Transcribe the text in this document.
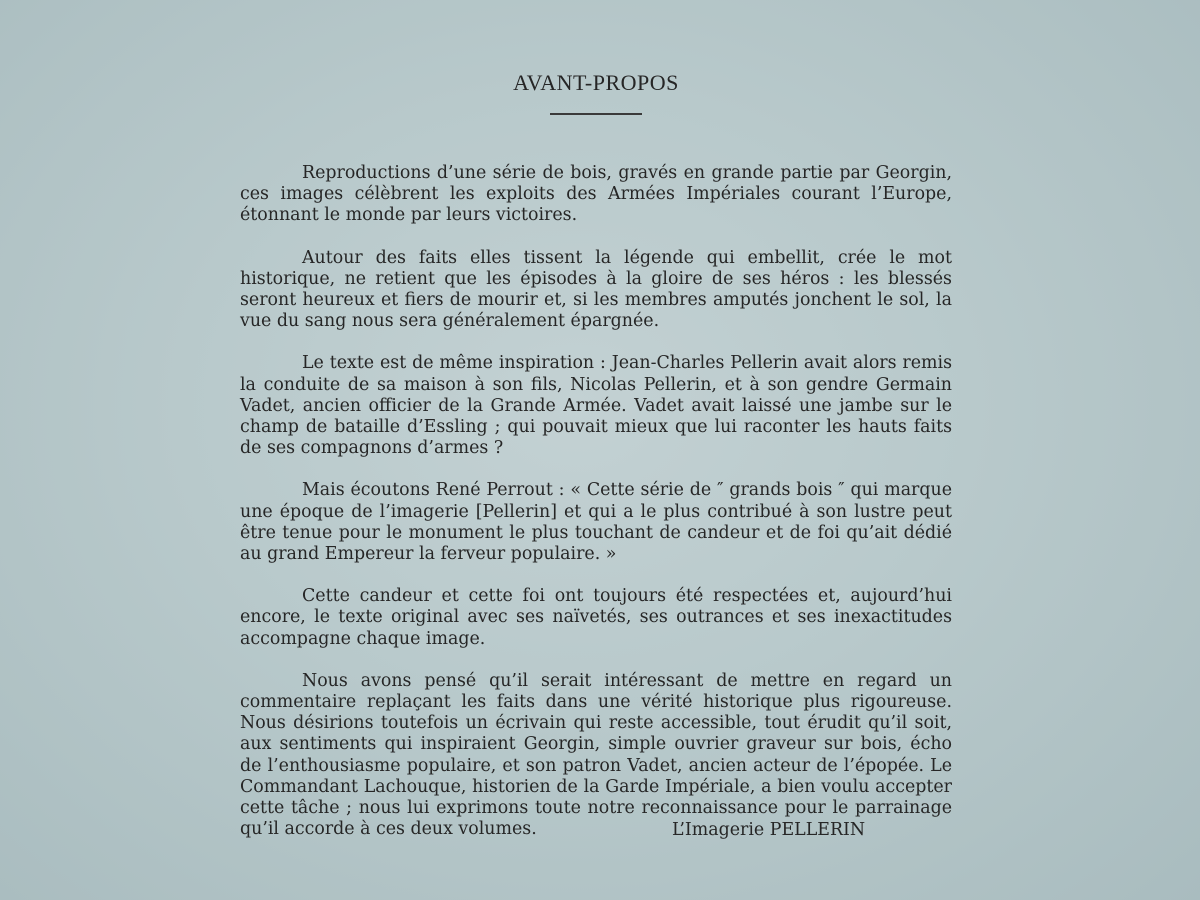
AVANT-PROPOS

Reproductions d’une série de bois, gravés en grande partie par Georgin, ces images célèbrent les exploits des Armées Impériales courant l’Europe, étonnant le monde par leurs victoires.

Autour des faits elles tissent la légende qui embellit, crée le mot historique, ne retient que les épisodes à la gloire de ses héros : les blessés seront heureux et fiers de mourir et, si les membres amputés jonchent le sol, la vue du sang nous sera généralement épargnée.

Le texte est de même inspiration : Jean-Charles Pellerin avait alors remis la conduite de sa maison à son fils, Nicolas Pellerin, et à son gendre Germain Vadet, ancien officier de la Grande Armée. Vadet avait laissé une jambe sur le champ de bataille d’Essling ; qui pouvait mieux que lui raconter les hauts faits de ses compagnons d’armes ?

Mais écoutons René Perrout : « Cette série de ″ grands bois ″ qui marque une époque de l’imagerie [Pellerin] et qui a le plus contribué à son lustre peut être tenue pour le monument le plus touchant de candeur et de foi qu’ait dédié au grand Empereur la ferveur populaire. »

Cette candeur et cette foi ont toujours été respectées et, aujourd’hui encore, le texte original avec ses naïvetés, ses outrances et ses inexactitudes accompagne chaque image.

Nous avons pensé qu’il serait intéressant de mettre en regard un commentaire replaçant les faits dans une vérité historique plus rigoureuse. Nous désirions toutefois un écrivain qui reste accessible, tout érudit qu’il soit, aux sentiments qui inspiraient Georgin, simple ouvrier graveur sur bois, écho de l’enthousiasme populaire, et son patron Vadet, ancien acteur de l’épopée. Le Commandant Lachouque, historien de la Garde Impériale, a bien voulu accepter cette tâche ; nous lui exprimons toute notre reconnaissance pour le parrainage qu’il accorde à ces deux volumes.	L’Imagerie PELLERIN
